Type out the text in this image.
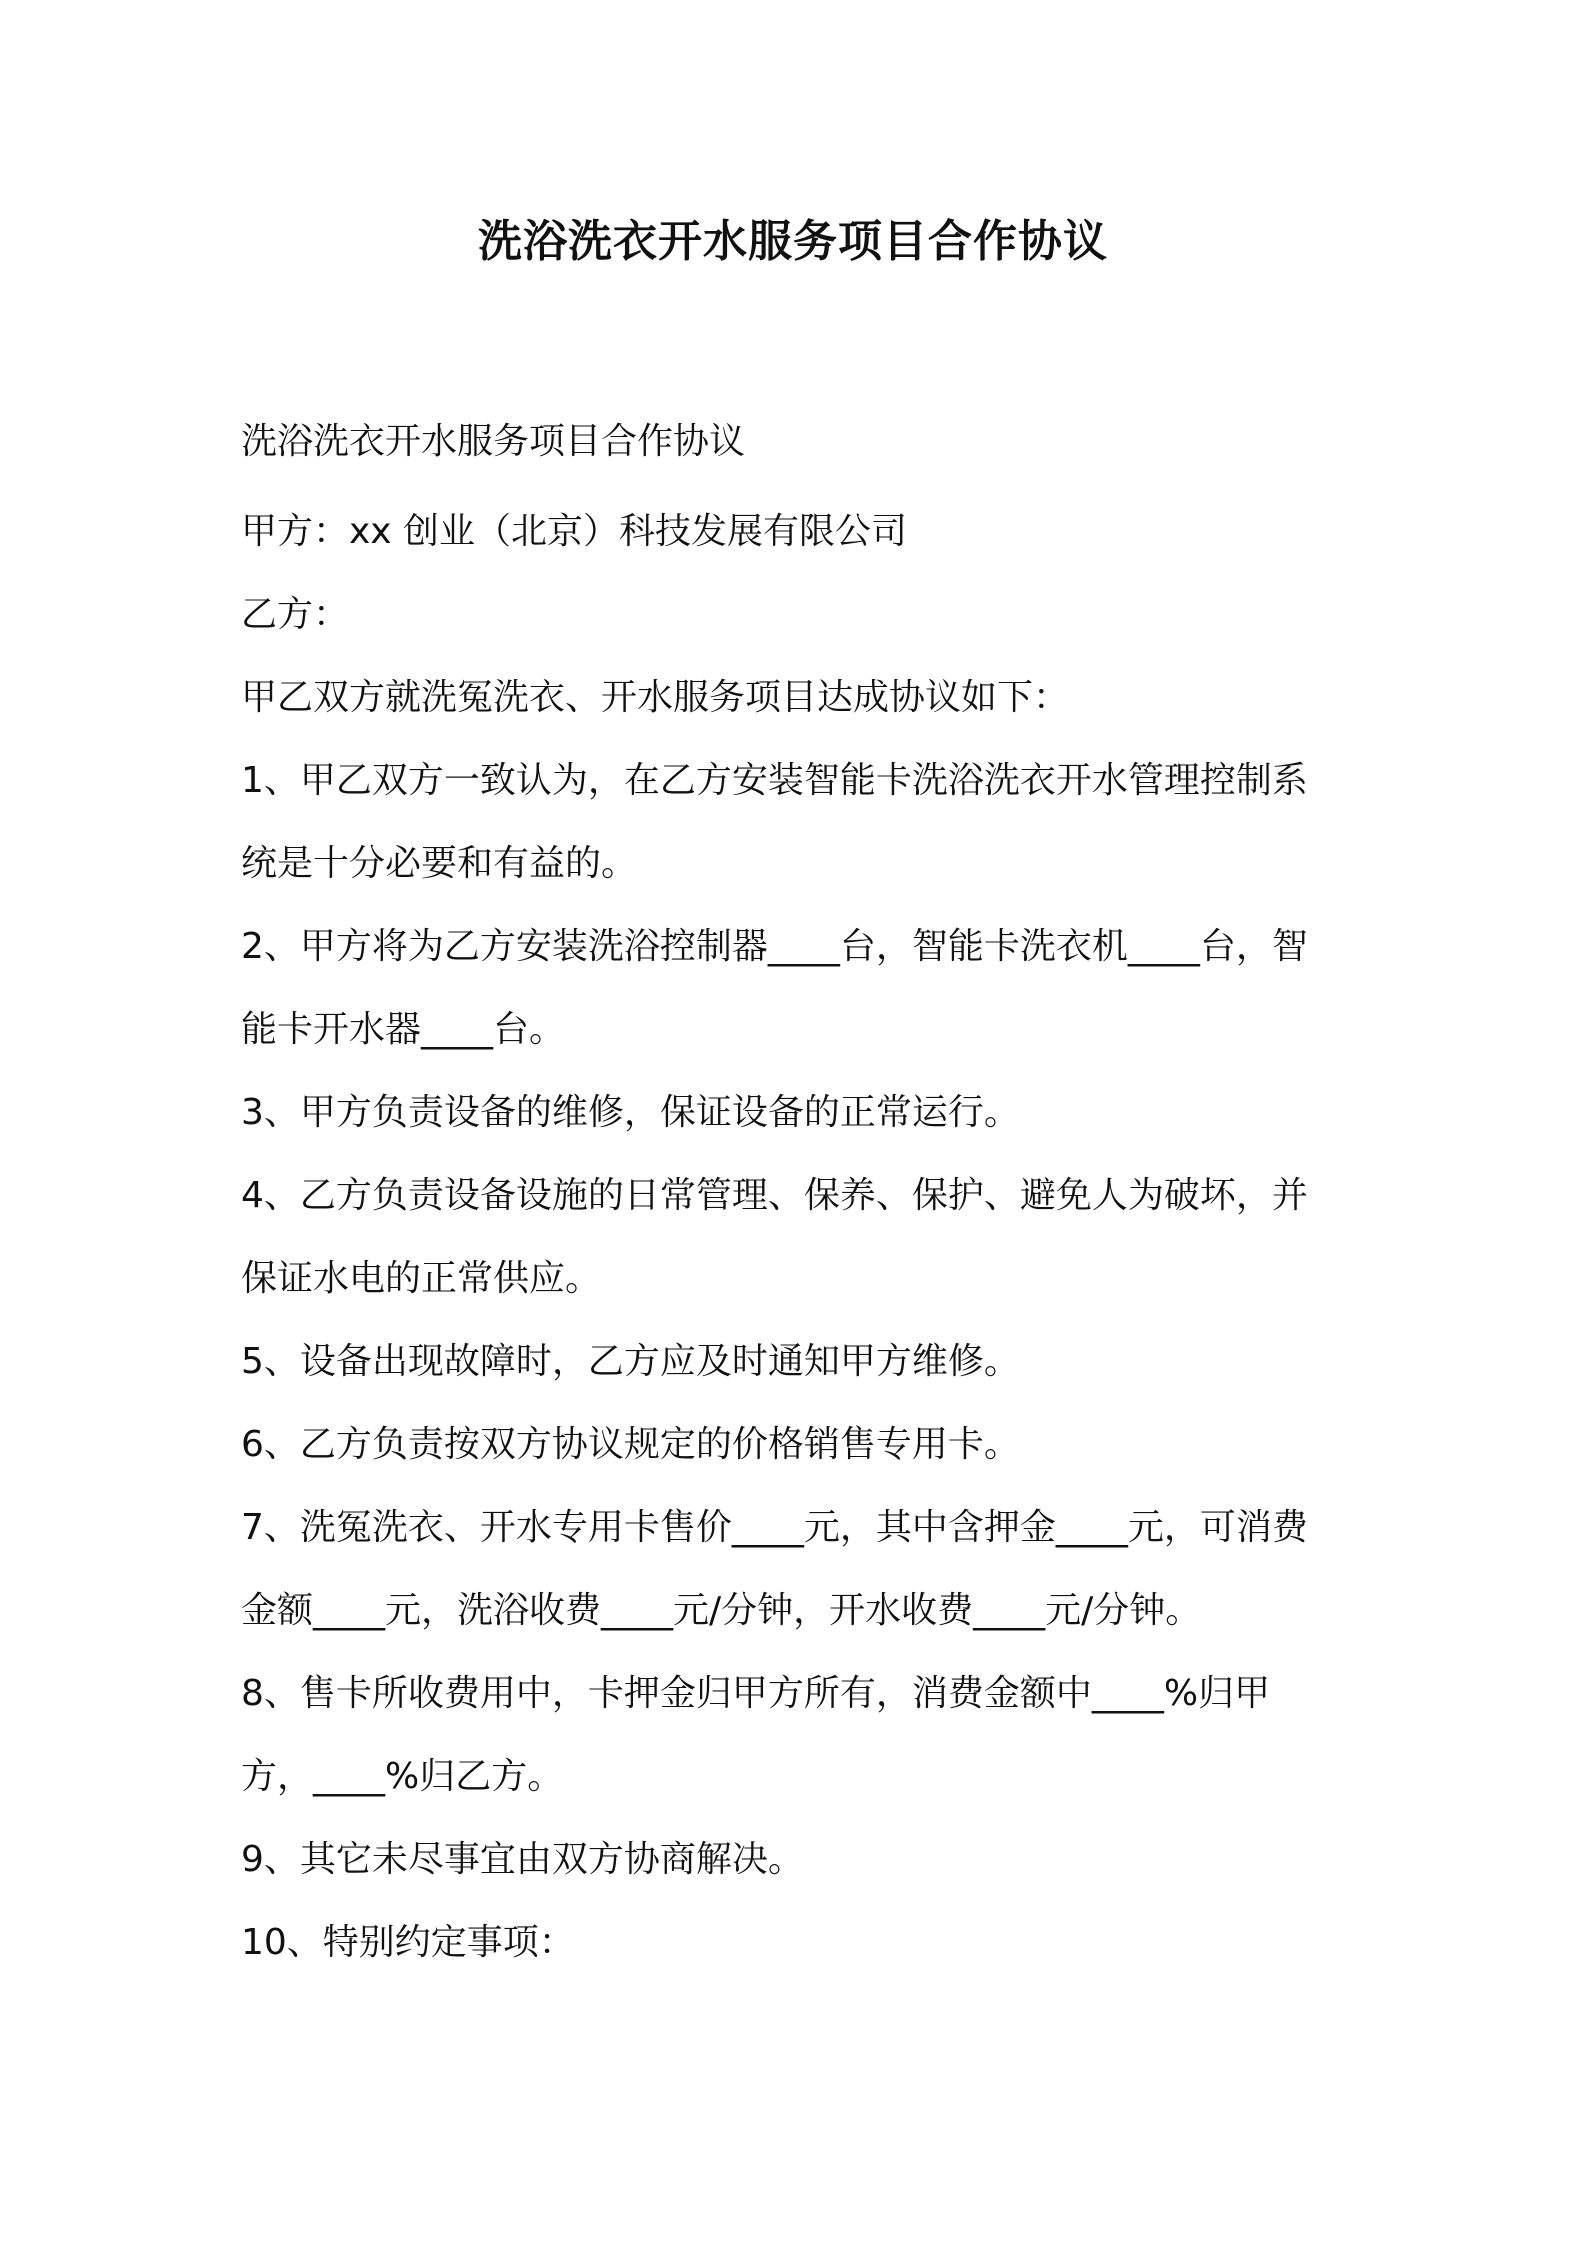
洗浴洗衣开水服务项目合作协议
洗浴洗衣开水服务项目合作协议
甲方：xx 创业（北京）科技发展有限公司
乙方：
甲乙双方就洗冤洗衣、开水服务项目达成协议如下：
1、甲乙双方一致认为，在乙方安装智能卡洗浴洗衣开水管理控制系
统是十分必要和有益的。
2、甲方将为乙方安装洗浴控制器____台，智能卡洗衣机____台，智
能卡开水器____台。
3、甲方负责设备的维修，保证设备的正常运行。
4、乙方负责设备设施的日常管理、保养、保护、避免人为破坏，并
保证水电的正常供应。
5、设备出现故障时，乙方应及时通知甲方维修。
6、乙方负责按双方协议规定的价格销售专用卡。
7、洗冤洗衣、开水专用卡售价____元，其中含押金____元，可消费
金额____元，洗浴收费____元/分钟，开水收费____元/分钟。
8、售卡所收费用中，卡押金归甲方所有，消费金额中____%归甲
方，____%归乙方。
9、其它未尽事宜由双方协商解决。
10、特别约定事项：
